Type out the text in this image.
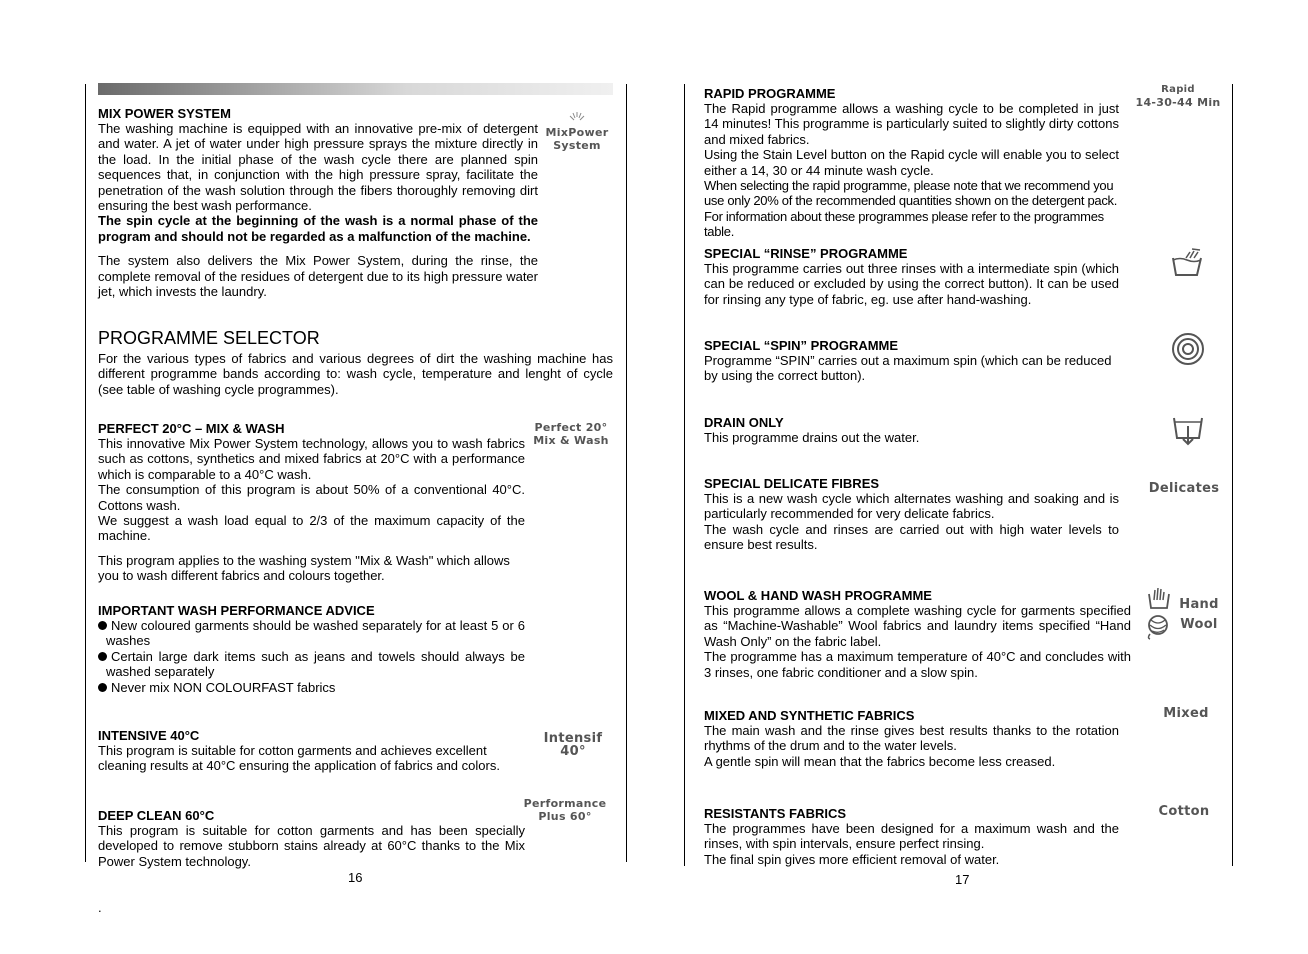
MIX POWER SYSTEM
The washing machine is equipped with an innovative pre-mix of detergent and water. A jet of water under high pressure sprays the mixture directly in the load. In the initial phase of the wash cycle there are planned spin sequences that, in conjunction with the high pressure spray, facilitate the penetration of the wash solution through the fibers thoroughly removing dirt ensuring the best wash performance.
The spin cycle at the beginning of the wash is a normal phase of the program and should not be regarded as a malfunction of the machine.
The system also delivers the Mix Power System, during the rinse, the complete removal of the residues of detergent due to its high pressure water jet, which invests the laundry.
MixPower
System
PROGRAMME SELECTOR
For the various types of fabrics and various degrees of dirt the washing machine has different programme bands according to: wash cycle, temperature and lenght of cycle (see table of washing cycle programmes).
PERFECT 20°C – MIX & WASH
This innovative Mix Power System technology, allows you to wash fabrics such as cottons, synthetics and mixed fabrics at 20°C with a performance which is comparable to a 40°C wash.
The consumption of this program is about 50% of a conventional 40°C. Cottons wash.
We suggest a wash load equal to 2/3 of the maximum capacity of the machine.
This program applies to the washing system "Mix & Wash" which allows you to wash different fabrics and colours together.
Perfect 20°
Mix & Wash
IMPORTANT WASH PERFORMANCE ADVICE
New coloured garments should be washed separately for at least 5 or 6 washes
Certain large dark items such as jeans and towels should always be washed separately
Never mix NON COLOURFAST fabrics
INTENSIVE 40°C
This program is suitable for cotton garments and achieves excellent cleaning results at 40°C ensuring the application of fabrics and colors.
Intensif
40°
DEEP CLEAN 60°C
This program is suitable for cotton garments and has been specially developed to remove stubborn stains already at 60°C thanks to the Mix Power System technology.
Performance
Plus 60°
16
.
RAPID PROGRAMME
The Rapid programme allows a washing cycle to be completed in just 14 minutes! This programme is particularly suited to slightly dirty cottons and mixed fabrics.
Using the Stain Level button on the Rapid cycle will enable you to select either a 14, 30 or 44 minute wash cycle.
When selecting the rapid programme, please note that we recommend you use only 20% of the recommended quantities shown on the detergent pack.
For information about these programmes please refer to the programmes table.
Rapid
14-30-44 Min
SPECIAL “RINSE” PROGRAMME
This programme carries out three rinses with a intermediate spin (which can be reduced or excluded by using the correct button). It can be used for rinsing any type of fabric, eg. use after hand-washing.
SPECIAL “SPIN” PROGRAMME
Programme “SPIN” carries out a maximum spin (which can be reduced by using the correct button).
DRAIN ONLY
This programme drains out the water.
SPECIAL DELICATE FIBRES
This is a new wash cycle which alternates washing and soaking and is particularly recommended for very delicate fabrics.
The wash cycle and rinses are carried out with high water levels to ensure best results.
Delicates
WOOL & HAND WASH PROGRAMME
This programme allows a complete washing cycle for garments specified as “Machine-Washable” Wool fabrics and laundry items specified “Hand Wash Only” on the fabric label.
The programme has a maximum temperature of 40°C and concludes with 3 rinses, one fabric conditioner and a slow spin.
Hand
Wool
MIXED AND SYNTHETIC FABRICS
The main wash and the rinse gives best results thanks to the rotation rhythms of the drum and to the water levels.
A gentle spin will mean that the fabrics become less creased.
Mixed
RESISTANTS FABRICS
The programmes have been designed for a maximum wash and the rinses, with spin intervals, ensure perfect rinsing.
The final spin gives more efficient removal of water.
Cotton
17
